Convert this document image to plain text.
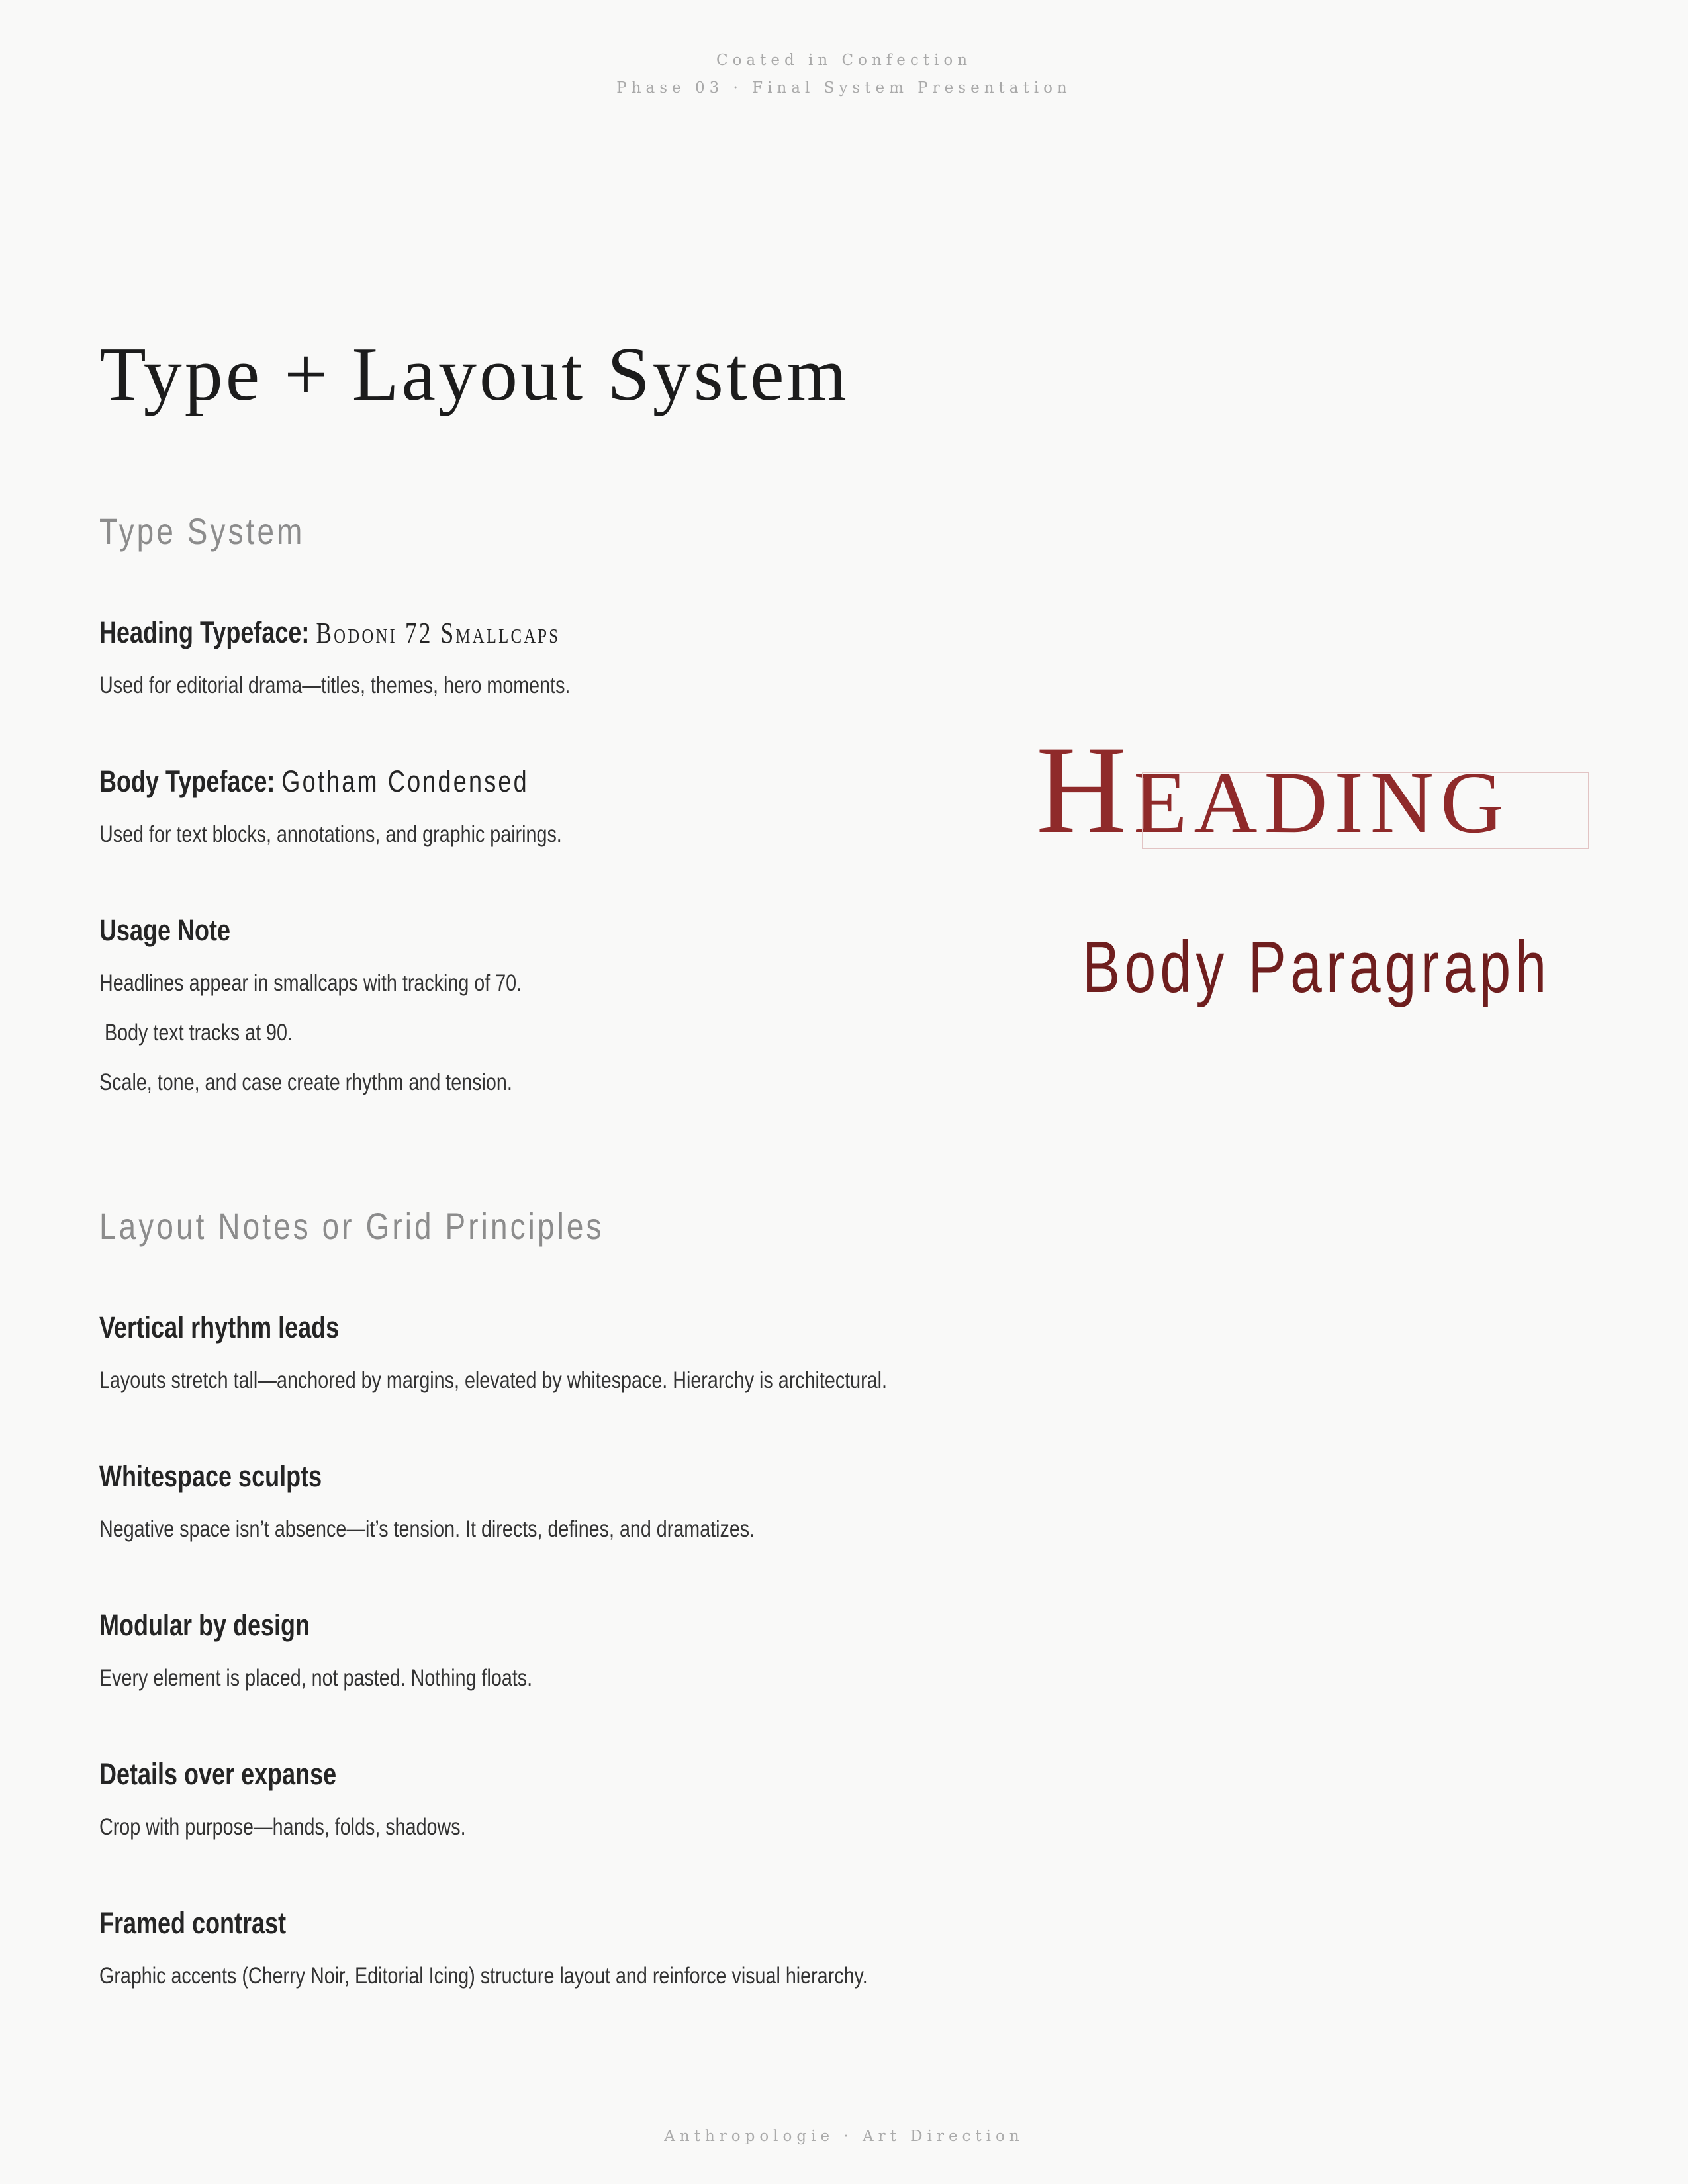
Coated in Confection
Phase 03 · Final System Presentation
Type + Layout System
Type System
Heading Typeface: Bodoni 72 Smallcaps

Used for editorial drama—titles, themes, hero moments.

Body Typeface: Gotham Condensed

Used for text blocks, annotations, and graphic pairings.

Usage Note

Headlines appear in smallcaps with tracking of 70.

Body text tracks at 90.

Scale, tone, and case create rhythm and tension.

Heading
Body Paragraph
Layout Notes or Grid Principles
Vertical rhythm leads

Layouts stretch tall—anchored by margins, elevated by whitespace. Hierarchy is architectural.

Whitespace sculpts

Negative space isn’t absence—it’s tension. It directs, defines, and dramatizes.

Modular by design

Every element is placed, not pasted. Nothing floats.

Details over expanse

Crop with purpose—hands, folds, shadows.

Framed contrast

Graphic accents (Cherry Noir, Editorial Icing) structure layout and reinforce visual hierarchy.

Anthropologie · Art Direction
